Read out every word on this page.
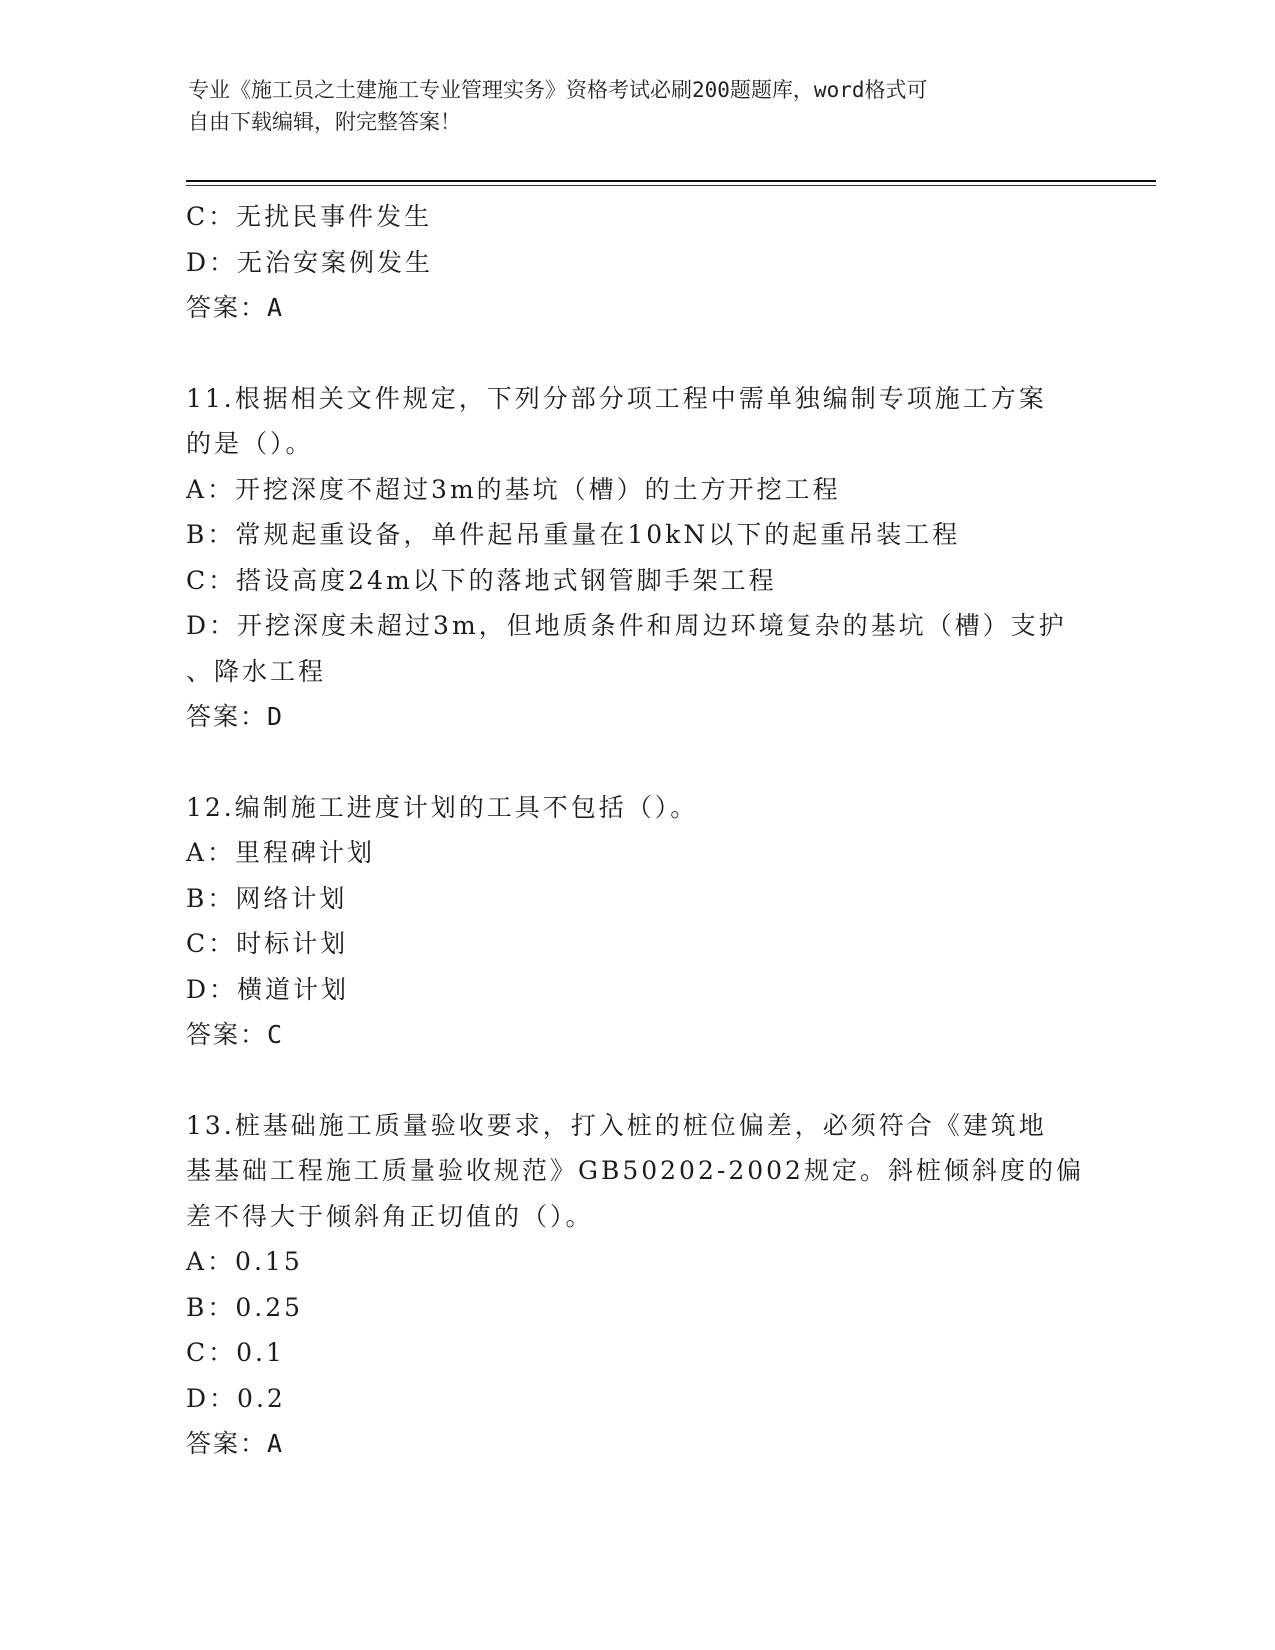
专业《施工员之土建施工专业管理实务》资格考试必刷200题题库，word格式可
自由下载编辑，附完整答案！
C：无扰民事件发生
D：无治安案例发生
答案：A
11.根据相关文件规定，下列分部分项工程中需单独编制专项施工方案
的是（）。
A：开挖深度不超过3m的基坑（槽）的土方开挖工程
B：常规起重设备，单件起吊重量在10kN以下的起重吊装工程
C：搭设高度24m以下的落地式钢管脚手架工程
D：开挖深度未超过3m，但地质条件和周边环境复杂的基坑（槽）支护
、降水工程
答案：D
12.编制施工进度计划的工具不包括（）。
A：里程碑计划
B：网络计划
C：时标计划
D：横道计划
答案：C
13.桩基础施工质量验收要求，打入桩的桩位偏差，必须符合《建筑地
基基础工程施工质量验收规范》GB50202-2002规定。斜桩倾斜度的偏
差不得大于倾斜角正切值的（）。
A：0.15
B：0.25
C：0.1
D：0.2
答案：A
